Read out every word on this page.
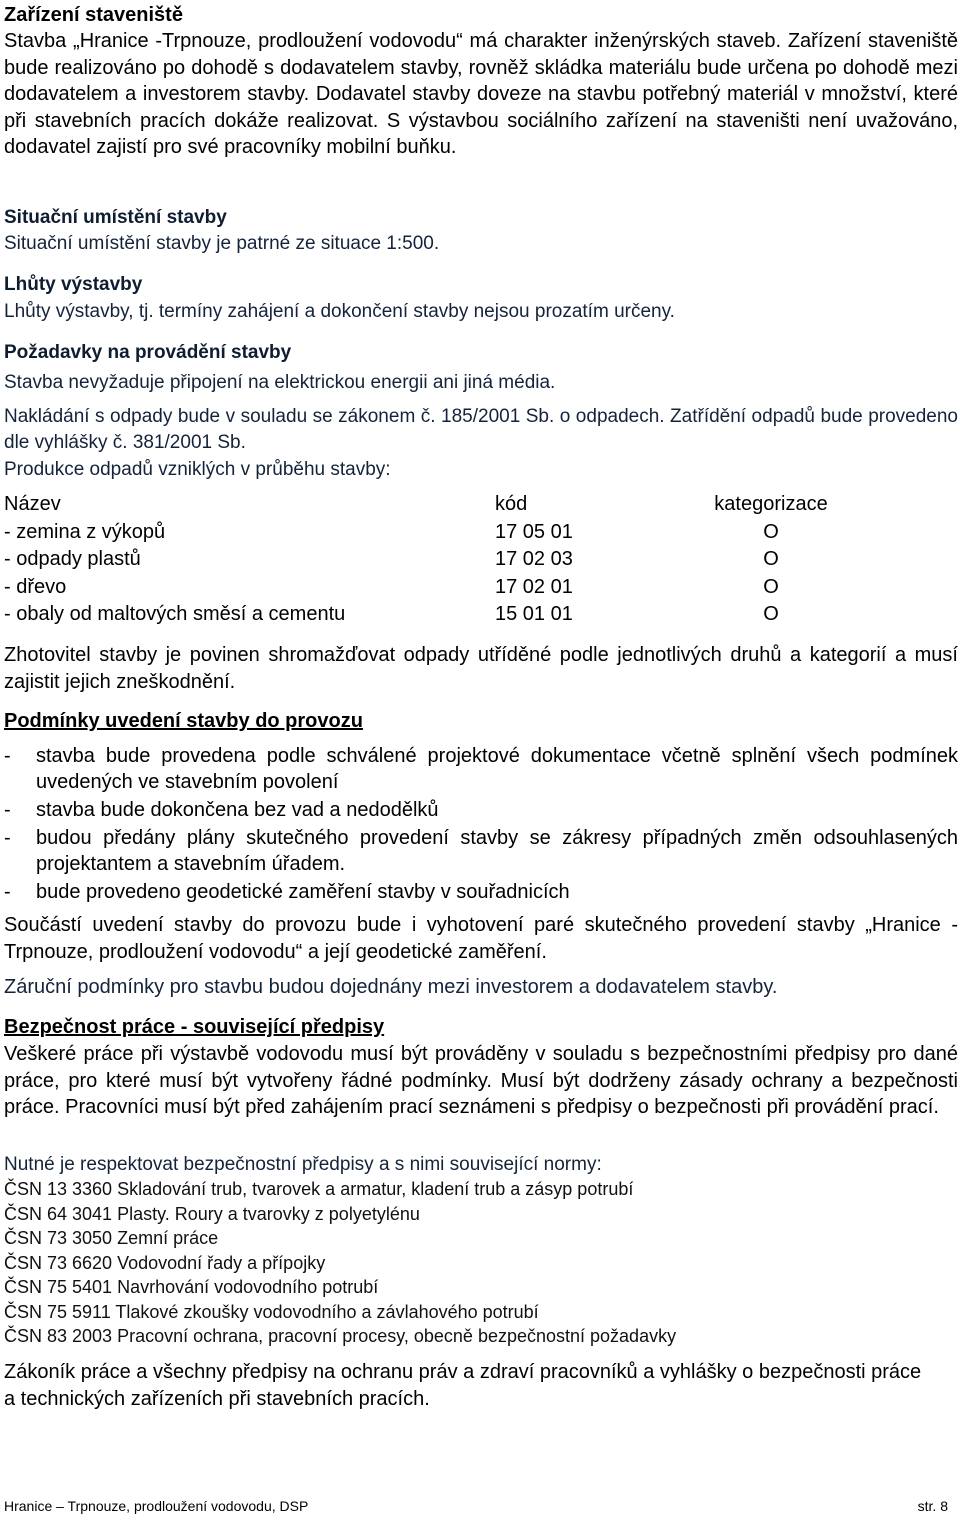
Zařízení staveniště
Stavba „Hranice -Trpnouze, prodloužení vodovodu“ má charakter inženýrských staveb. Zařízení staveniště bude realizováno po dohodě s dodavatelem stavby, rovněž skládka materiálu bude určena po dohodě mezi dodavatelem a investorem stavby. Dodavatel stavby doveze na stavbu potřebný materiál v množství, které při stavebních pracích dokáže realizovat. S výstavbou sociálního zařízení na staveništi není uvažováno, dodavatel zajistí pro své pracovníky mobilní buňku.
Situační umístění stavby
Situační umístění stavby je patrné ze situace 1:500.
Lhůty výstavby
Lhůty výstavby, tj. termíny zahájení a dokončení stavby nejsou prozatím určeny.
Požadavky na provádění stavby
Stavba nevyžaduje připojení na elektrickou energii ani jiná média.
Nakládání s odpady bude v souladu se zákonem č. 185/2001 Sb. o odpadech. Zatřídění odpadů bude provedeno dle vyhlášky č. 381/2001 Sb.
Produkce odpadů vzniklých v průběhu stavby:
Název	kód	kategorizace
- zemina z výkopů	17 05 01	O
- odpady plastů	17 02 03	O
- dřevo	17 02 01	O
- obaly od maltových směsí a cementu	15 01 01	O
Zhotovitel stavby je povinen shromažďovat odpady utříděné podle jednotlivých druhů a kategorií a musí zajistit jejich zneškodnění.
Podmínky uvedení stavby do provozu
- stavba bude provedena podle schválené projektové dokumentace včetně splnění všech podmínek uvedených ve stavebním povolení
- stavba bude dokončena bez vad a nedodělků
- budou předány plány skutečného provedení stavby se zákresy případných změn odsouhlasených projektantem a stavebním úřadem.
- bude provedeno geodetické zaměření stavby v souřadnicích
Součástí uvedení stavby do provozu bude i vyhotovení paré skutečného provedení stavby „Hranice -Trpnouze, prodloužení vodovodu“ a její geodetické zaměření.
Záruční podmínky pro stavbu budou dojednány mezi investorem a dodavatelem stavby.
Bezpečnost práce - související předpisy
Veškeré práce při výstavbě vodovodu musí být prováděny v souladu s bezpečnostními předpisy pro dané práce, pro které musí být vytvořeny řádné podmínky. Musí být dodrženy zásady ochrany a bezpečnosti práce. Pracovníci musí být před zahájením prací seznámeni s předpisy o bezpečnosti při provádění prací.
Nutné je respektovat bezpečnostní předpisy a s nimi související normy:
ČSN 13 3360 Skladování trub, tvarovek a armatur, kladení trub a zásyp potrubí
ČSN 64 3041 Plasty. Roury a tvarovky z polyetylénu
ČSN 73 3050 Zemní práce
ČSN 73 6620 Vodovodní řady a přípojky
ČSN 75 5401 Navrhování vodovodního potrubí
ČSN 75 5911 Tlakové zkoušky vodovodního a závlahového potrubí
ČSN 83 2003 Pracovní ochrana, pracovní procesy, obecně bezpečnostní požadavky
Zákoník práce a všechny předpisy na ochranu práv a zdraví pracovníků a vyhlášky o bezpečnosti práce a technických zařízeních při stavebních pracích.
Hranice – Trpnouze, prodloužení vodovodu, DSP	str. 8
